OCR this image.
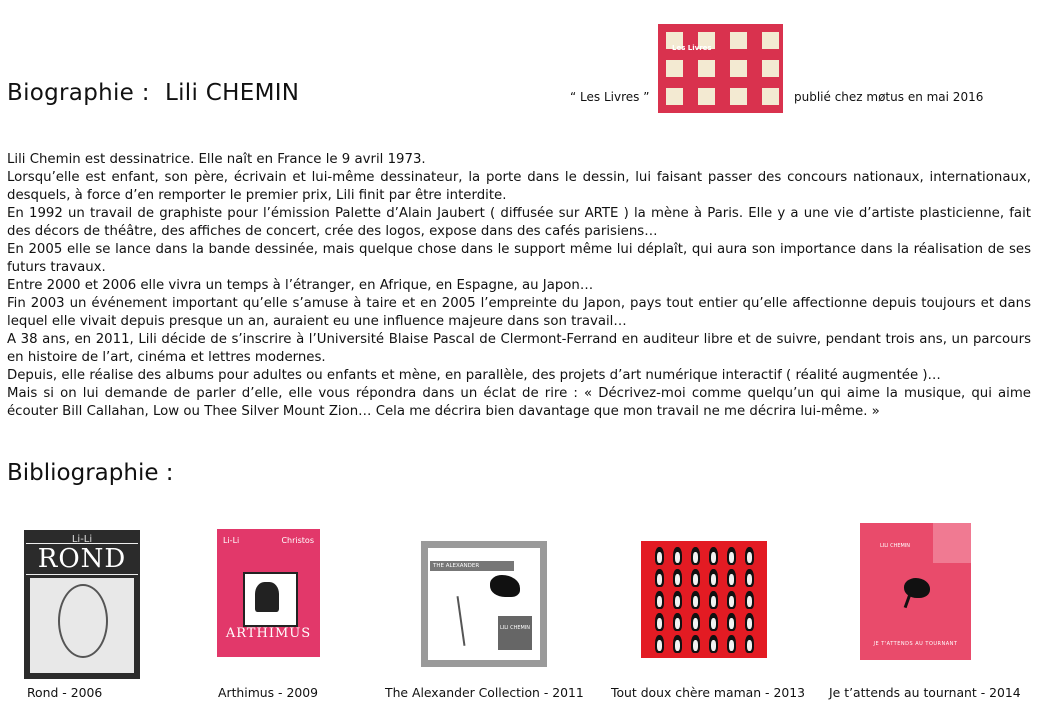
Biographie :  Lili CHEMIN	“ Les Livres ”
Les Livres
publié chez møtus en mai 2016

Lili Chemin est dessinatrice. Elle naît en France le 9 avril 1973.

Lorsqu’elle est enfant, son père, écrivain et lui-même dessinateur, la porte dans le dessin, lui faisant passer des concours nationaux, internationaux, desquels, à force d’en remporter le premier prix, Lili finit par être interdite.

En 1992 un travail de graphiste pour l’émission Palette d’Alain Jaubert ( diffusée sur ARTE ) la mène à Paris. Elle y a une vie d’artiste plasticienne, fait des décors de théâtre, des affiches de concert, crée des logos, expose dans des cafés parisiens…

En 2005 elle se lance dans la bande dessinée, mais quelque chose dans le support même lui déplaît, qui aura son importance dans la réalisation de ses futurs travaux.

Entre 2000 et 2006 elle vivra un temps à l’étranger, en Afrique, en Espagne, au Japon…

Fin 2003 un événement important qu’elle s’amuse à taire et en 2005 l’empreinte du Japon, pays tout entier qu’elle affectionne depuis toujours et dans lequel elle vivait depuis presque un an, auraient eu une influence majeure dans son travail…

A 38 ans, en 2011, Lili décide de s’inscrire à l’Université Blaise Pascal de Clermont-Ferrand en auditeur libre et de suivre, pendant trois ans, un parcours en histoire de l’art, cinéma et lettres modernes.

Depuis, elle réalise des albums pour adultes ou enfants et mène, en parallèle, des projets d’art numérique interactif ( réalité augmentée )…

Mais si on lui demande de parler d’elle, elle vous répondra dans un éclat de rire : « Décrivez-moi comme quelqu’un qui aime la musique, qui aime écouter Bill Callahan, Low ou Thee Silver Mount Zion… Cela me décrira bien davantage que mon travail ne me décrira lui-même. »

Bibliographie :
Li-Li
ROND
Li-Li	Christos
ARTHIMUS
THE ALEXANDER COLLECTION
LILI CHEMIN
LILI CHEMIN
JE T'ATTENDS AU TOURNANT
Rond - 2006	Arthimus - 2009	The Alexander Collection - 2011 Tout doux chère maman - 2013 Je t’attends au tournant - 2014
